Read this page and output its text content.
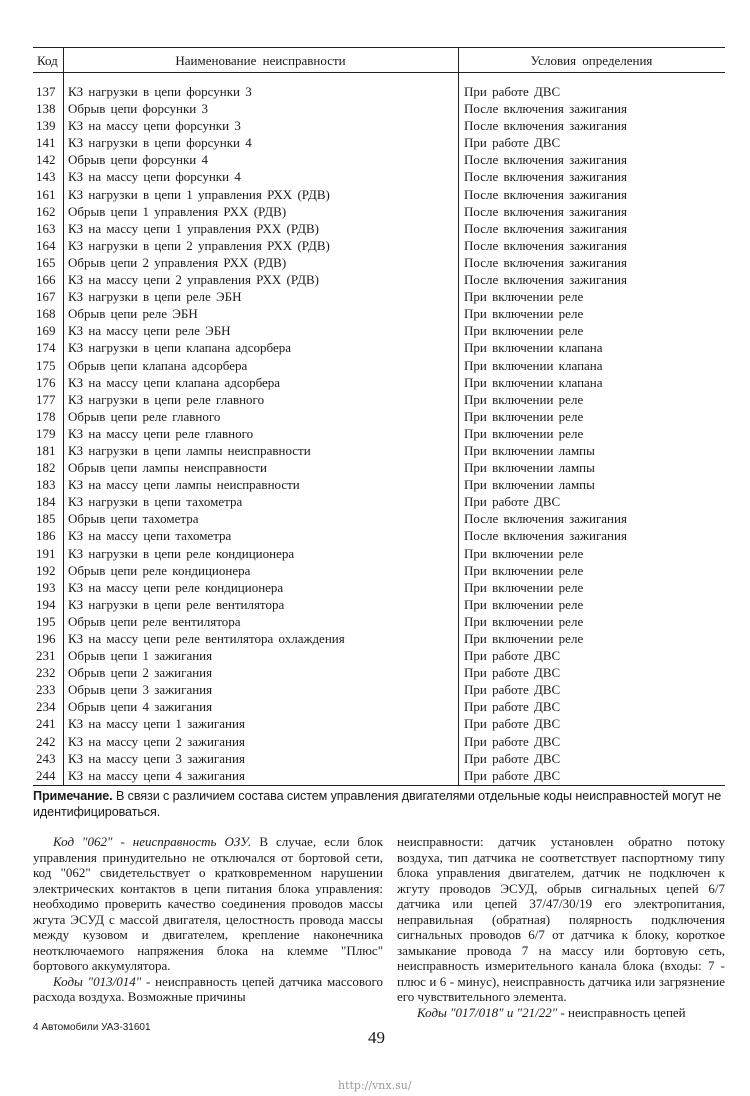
Код	Наименование неисправности	Условия определения
137 КЗ нагрузки в цепи форсунки 3	При работе ДВС
138 Обрыв цепи форсунки 3	После включения зажигания
139 КЗ на массу цепи форсунки 3	После включения зажигания
141 КЗ нагрузки в цепи форсунки 4	При работе ДВС
142 Обрыв цепи форсунки 4	После включения зажигания
143 КЗ на массу цепи форсунки 4	После включения зажигания
161 КЗ нагрузки в цепи 1 управления РХХ (РДВ)	После включения зажигания
162 Обрыв цепи 1 управления РХХ (РДВ)	После включения зажигания
163 КЗ на массу цепи 1 управления РХХ (РДВ)	После включения зажигания
164 КЗ нагрузки в цепи 2 управления РХХ (РДВ)	После включения зажигания
165 Обрыв цепи 2 управления РХХ (РДВ)	После включения зажигания
166 КЗ на массу цепи 2 управления РХХ (РДВ)	После включения зажигания
167 КЗ нагрузки в цепи реле ЭБН	При включении реле
168 Обрыв цепи реле ЭБН	При включении реле
169 КЗ на массу цепи реле ЭБН	При включении реле
174 КЗ нагрузки в цепи клапана адсорбера	При включении клапана
175 Обрыв цепи клапана адсорбера	При включении клапана
176 КЗ на массу цепи клапана адсорбера	При включении клапана
177 КЗ нагрузки в цепи реле главного	При включении реле
178 Обрыв цепи реле главного	При включении реле
179 КЗ на массу цепи реле главного	При включении реле
181 КЗ нагрузки в цепи лампы неисправности	При включении лампы
182 Обрыв цепи лампы неисправности	При включении лампы
183 КЗ на массу цепи лампы неисправности	При включении лампы
184 КЗ нагрузки в цепи тахометра	При работе ДВС
185 Обрыв цепи тахометра	После включения зажигания
186 КЗ на массу цепи тахометра	После включения зажигания
191 КЗ нагрузки в цепи реле кондиционера	При включении реле
192 Обрыв цепи реле кондиционера	При включении реле
193 КЗ на массу цепи реле кондиционера	При включении реле
194 КЗ нагрузки в цепи реле вентилятора	При включении реле
195 Обрыв цепи реле вентилятора	При включении реле
196 КЗ на массу цепи реле вентилятора охлаждения	При включении реле
231 Обрыв цепи 1 зажигания	При работе ДВС
232 Обрыв цепи 2 зажигания	При работе ДВС
233 Обрыв цепи 3 зажигания	При работе ДВС
234 Обрыв цепи 4 зажигания	При работе ДВС
241 КЗ на массу цепи 1 зажигания	При работе ДВС
242 КЗ на массу цепи 2 зажигания	При работе ДВС
243 КЗ на массу цепи 3 зажигания	При работе ДВС
244 КЗ на массу цепи 4 зажигания	При работе ДВС
Примечание. В связи с различием состава систем управления двигателями отдельные коды неисправностей могут не идентифицироваться.

Код "062" - неисправность ОЗУ. В случае, если блок управления принудительно не отключался от бортовой сети, код "062" свидетельствует о кратковременном нарушении электрических контактов в цепи питания блока управления: необходимо проверить качество соединения проводов массы жгута ЭСУД с массой двигателя, целостность провода массы между кузовом и двигателем, крепление наконечника неотключаемого напряжения блока на клемме "Плюс" бортового аккумулятора.

Коды "013/014" - неисправность цепей датчика массового расхода воздуха. Возможные причины

неисправности: датчик установлен обратно потоку воздуха, тип датчика не соответствует паспортному типу блока управления двигателем, датчик не подключен к жгуту проводов ЭСУД, обрыв сигнальных цепей 6/7 датчика или цепей 37/47/30/19 его электропитания, неправильная (обратная) полярность подключения сигнальных проводов 6/7 от датчика к блоку, короткое замыкание провода 7 на массу или бортовую сеть, неисправность измерительного канала блока (входы: 7 - плюс и 6 - минус), неисправность датчика или загрязнение его чувствительного элемента.

Коды "017/018" и "21/22" - неисправность цепей

4 Автомобили УАЗ-31601
49
http://vnx.su/
